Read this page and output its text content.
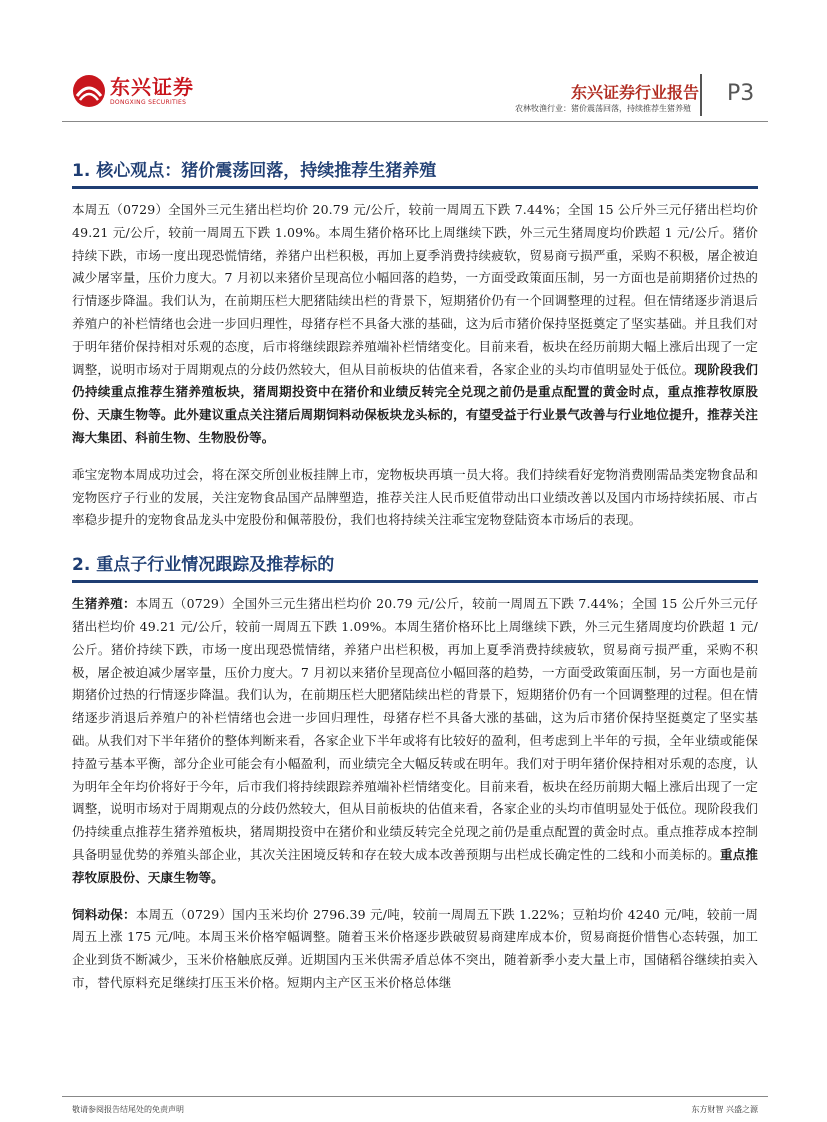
东兴证券
DONGXING SECURITIES	东兴证券行业报告
农林牧渔行业：猪价震荡回落，持续推荐生猪养殖
P3
1. 核心观点：猪价震荡回落，持续推荐生猪养殖

本周五（0729）全国外三元生猪出栏均价 20.79 元/公斤，较前一周周五下跌 7.44%；全国 15 公斤外三元仔猪出栏均价 49.21 元/公斤，较前一周周五下跌 1.09%。本周生猪价格环比上周继续下跌，外三元生猪周度均价跌超 1 元/公斤。猪价持续下跌，市场一度出现恐慌情绪，养猪户出栏积极，再加上夏季消费持续疲软，贸易商亏损严重，采购不积极，屠企被迫减少屠宰量，压价力度大。7 月初以来猪价呈现高位小幅回落的趋势，一方面受政策面压制，另一方面也是前期猪价过热的行情逐步降温。我们认为，在前期压栏大肥猪陆续出栏的背景下，短期猪价仍有一个回调整理的过程。但在情绪逐步消退后养殖户的补栏情绪也会进一步回归理性，母猪存栏不具备大涨的基础，这为后市猪价保持坚挺奠定了坚实基础。并且我们对于明年猪价保持相对乐观的态度，后市将继续跟踪养殖端补栏情绪变化。目前来看，板块在经历前期大幅上涨后出现了一定调整，说明市场对于周期观点的分歧仍然较大，但从目前板块的估值来看，各家企业的头均市值明显处于低位。现阶段我们仍持续重点推荐生猪养殖板块，猪周期投资中在猪价和业绩反转完全兑现之前仍是重点配置的黄金时点，重点推荐牧原股份、天康生物等。此外建议重点关注猪后周期饲料动保板块龙头标的，有望受益于行业景气改善与行业地位提升，推荐关注海大集团、科前生物、生物股份等。

乖宝宠物本周成功过会，将在深交所创业板挂牌上市，宠物板块再填一员大将。我们持续看好宠物消费刚需品类宠物食品和宠物医疗子行业的发展，关注宠物食品国产品牌塑造，推荐关注人民币贬值带动出口业绩改善以及国内市场持续拓展、市占率稳步提升的宠物食品龙头中宠股份和佩蒂股份，我们也将持续关注乖宝宠物登陆资本市场后的表现。

2. 重点子行业情况跟踪及推荐标的

生猪养殖：本周五（0729）全国外三元生猪出栏均价 20.79 元/公斤，较前一周周五下跌 7.44%；全国 15 公斤外三元仔猪出栏均价 49.21 元/公斤，较前一周周五下跌 1.09%。本周生猪价格环比上周继续下跌，外三元生猪周度均价跌超 1 元/公斤。猪价持续下跌，市场一度出现恐慌情绪，养猪户出栏积极，再加上夏季消费持续疲软，贸易商亏损严重，采购不积极，屠企被迫减少屠宰量，压价力度大。7 月初以来猪价呈现高位小幅回落的趋势，一方面受政策面压制，另一方面也是前期猪价过热的行情逐步降温。我们认为，在前期压栏大肥猪陆续出栏的背景下，短期猪价仍有一个回调整理的过程。但在情绪逐步消退后养殖户的补栏情绪也会进一步回归理性，母猪存栏不具备大涨的基础，这为后市猪价保持坚挺奠定了坚实基础。从我们对下半年猪价的整体判断来看，各家企业下半年或将有比较好的盈利，但考虑到上半年的亏损，全年业绩或能保持盈亏基本平衡，部分企业可能会有小幅盈利，而业绩完全大幅反转或在明年。我们对于明年猪价保持相对乐观的态度，认为明年全年均价将好于今年，后市我们将持续跟踪养殖端补栏情绪变化。目前来看，板块在经历前期大幅上涨后出现了一定调整，说明市场对于周期观点的分歧仍然较大，但从目前板块的估值来看，各家企业的头均市值明显处于低位。现阶段我们仍持续重点推荐生猪养殖板块，猪周期投资中在猪价和业绩反转完全兑现之前仍是重点配置的黄金时点。重点推荐成本控制具备明显优势的养殖头部企业，其次关注困境反转和存在较大成本改善预期与出栏成长确定性的二线和小而美标的。重点推荐牧原股份、天康生物等。

饲料动保：本周五（0729）国内玉米均价 2796.39 元/吨，较前一周周五下跌 1.22%；豆粕均价 4240 元/吨，较前一周周五上涨 175 元/吨。本周玉米价格窄幅调整。随着玉米价格逐步跌破贸易商建库成本价，贸易商挺价惜售心态转强，加工企业到货不断减少，玉米价格触底反弹。近期国内玉米供需矛盾总体不突出，随着新季小麦大量上市，国储稻谷继续拍卖入市，替代原料充足继续打压玉米价格。短期内主产区玉米价格总体继

敬请参阅报告结尾处的免责声明	东方财智 兴盛之源
